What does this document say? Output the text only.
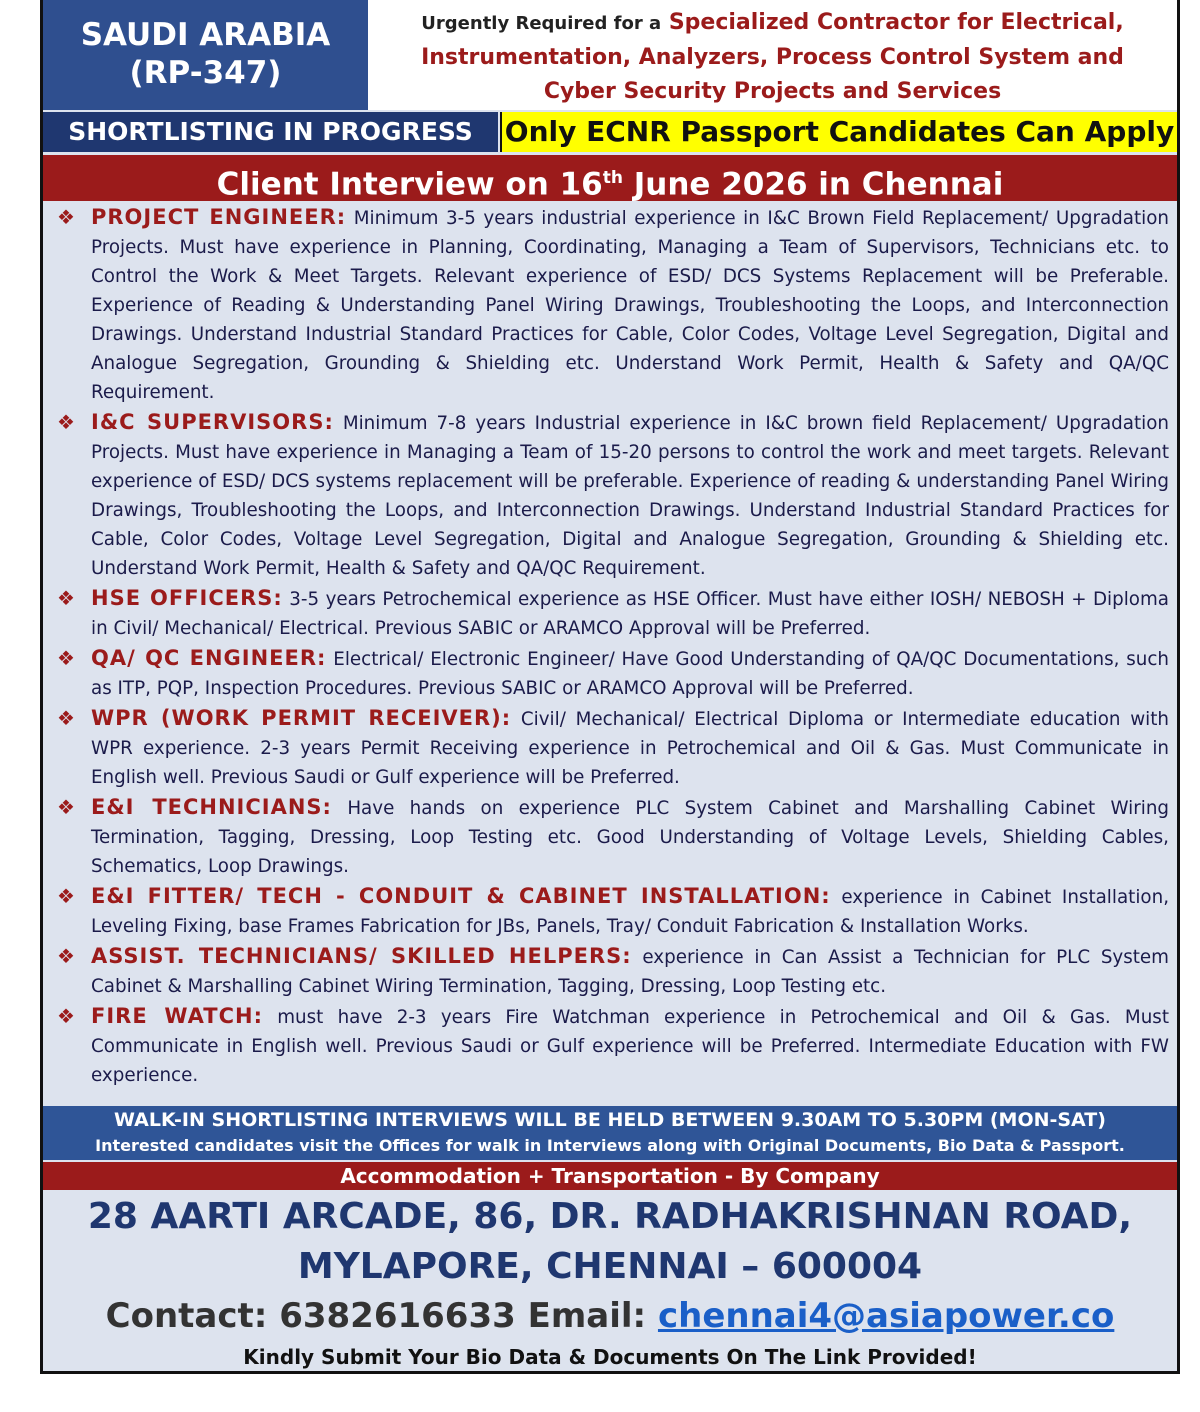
SAUDI ARABIA
(RP-347)
Urgently Required for a Specialized Contractor for Electrical,
Instrumentation, Analyzers, Process Control System and
Cyber Security Projects and Services
SHORTLISTING IN PROGRESS	Only ECNR Passport Candidates Can Apply
Client Interview on 16th June 2026 in Chennai
❖ PROJECT ENGINEER: Minimum 3-5 years industrial experience in I&C Brown Field Replacement/ Upgradation Projects. Must have experience in Planning, Coordinating, Managing a Team of Supervisors, Technicians etc. to Control the Work & Meet Targets. Relevant experience of ESD/ DCS Systems Replacement will be Preferable. Experience of Reading & Understanding Panel Wiring Drawings, Troubleshooting the Loops, and Interconnection Drawings. Understand Industrial Standard Practices for Cable, Color Codes, Voltage Level Segregation, Digital and Analogue Segregation, Grounding & Shielding etc. Understand Work Permit, Health & Safety and QA/QC Requirement.
❖ I&C SUPERVISORS: Minimum 7-8 years Industrial experience in I&C brown field Replacement/ Upgradation Projects. Must have experience in Managing a Team of 15-20 persons to control the work and meet targets. Relevant experience of ESD/ DCS systems replacement will be preferable. Experience of reading & understanding Panel Wiring Drawings, Troubleshooting the Loops, and Interconnection Drawings. Understand Industrial Standard Practices for Cable, Color Codes, Voltage Level Segregation, Digital and Analogue Segregation, Grounding & Shielding etc. Understand Work Permit, Health & Safety and QA/QC Requirement.
❖ HSE OFFICERS: 3-5 years Petrochemical experience as HSE Officer. Must have either IOSH/ NEBOSH + Diploma in Civil/ Mechanical/ Electrical. Previous SABIC or ARAMCO Approval will be Preferred.
❖ QA/ QC ENGINEER: Electrical/ Electronic Engineer/ Have Good Understanding of QA/QC Documentations, such as ITP, PQP, Inspection Procedures. Previous SABIC or ARAMCO Approval will be Preferred.
❖ WPR (WORK PERMIT RECEIVER): Civil/ Mechanical/ Electrical Diploma or Intermediate education with WPR experience. 2-3 years Permit Receiving experience in Petrochemical and Oil & Gas. Must Communicate in English well. Previous Saudi or Gulf experience will be Preferred.
❖ E&I TECHNICIANS: Have hands on experience PLC System Cabinet and Marshalling Cabinet Wiring Termination, Tagging, Dressing, Loop Testing etc. Good Understanding of Voltage Levels, Shielding Cables, Schematics, Loop Drawings.
❖ E&I FITTER/ TECH - CONDUIT & CABINET INSTALLATION: experience in Cabinet Installation, Leveling Fixing, base Frames Fabrication for JBs, Panels, Tray/ Conduit Fabrication & Installation Works.
❖ ASSIST. TECHNICIANS/ SKILLED HELPERS: experience in Can Assist a Technician for PLC System Cabinet & Marshalling Cabinet Wiring Termination, Tagging, Dressing, Loop Testing etc.
❖ FIRE WATCH: must have 2-3 years Fire Watchman experience in Petrochemical and Oil & Gas. Must Communicate in English well. Previous Saudi or Gulf experience will be Preferred. Intermediate Education with FW experience.
WALK-IN SHORTLISTING INTERVIEWS WILL BE HELD BETWEEN 9.30AM TO 5.30PM (MON-SAT)
Interested candidates visit the Offices for walk in Interviews along with Original Documents, Bio Data & Passport.
Accommodation + Transportation - By Company
28 AARTI ARCADE, 86, DR. RADHAKRISHNAN ROAD,
MYLAPORE, CHENNAI – 600004
Contact: 6382616633 Email: chennai4@asiapower.co
Kindly Submit Your Bio Data & Documents On The Link Provided!
